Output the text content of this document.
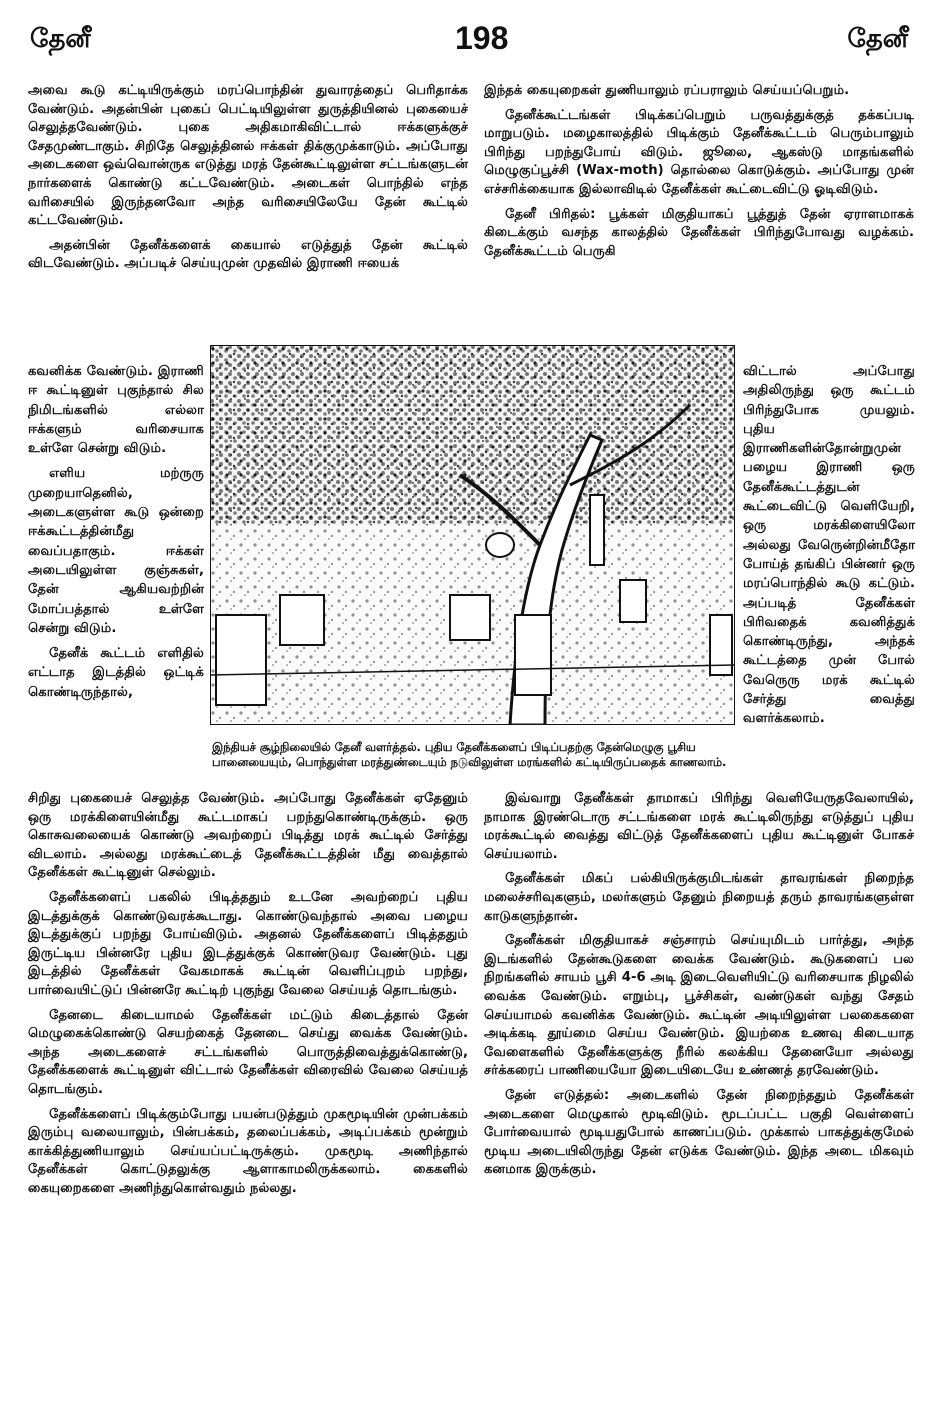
தேனீ	198	தேனீ

அவை கூடு கட்டியிருக்கும் மரப்பொந்தின் துவாரத்தைப் பெரிதாக்க வேண்டும். அதன்பின் புகைப் பெட்டியிலுள்ள துருத்தியினல் புகையைச் செலுத்தவேண்டும். புகை அதிகமாகிவிட்டால் ஈக்களுக்குச் சேதமுண்டாகும். சிறிதே செலுத்தினல் ஈக்கள் திக்குமுக்காடும். அப்போது அடைகளை ஒவ்வொன்ருக எடுத்து மரத் தேன்கூட்டிலுள்ள சட்டங்களுடன் நார்களைக் கொண்டு கட்டவேண்டும். அடைகள் பொந்தில் எந்த வரிசையில் இருந்தனவோ அந்த வரிசையிலேயே தேன் கூட்டில் கட்டவேண்டும்.

அதன்பின் தேனீக்களைக் கையால் எடுத்துத் தேன் கூட்டில் விடவேண்டும். அப்படிச் செய்யுமுன் முதவில் இராணி ஈயைக்

கவனிக்க வேண்டும். இராணி ஈ கூட்டினுள் புகுந்தால் சில நிமிடங்களில் எல்லா ஈக்களும் வரிசையாக உள்ளே சென்று விடும்.

எளிய மற்ருரு முறையாதெனில், அடைகளுள்ள கூடு ஒன்றை ஈக்கூட்டத்தின்மீது வைப்பதாகும். ஈக்கள் அடையிலுள்ள குஞ்சுகள், தேன் ஆகியவற்றின் மோப்பத்தால் உள்ளே சென்று விடும்.

தேனீக் கூட்டம் எளிதில் எட்டாத இடத்தில் ஒட்டிக் கொண்டிருந்தால்,

இந்தியச் சூழ்நிலையில் தேனீ வளர்த்தல். புதிய தேனீக்களைப் பிடிப்பதற்கு தேன்மெழுகு பூசிய பானையையும், பொந்துள்ள மரத்துண்டையும் நடுவிலுள்ள மரங்களில் கட்டியிருப்பதைக் காணலாம்.

சிறிது புகையைச் செலுத்த வேண்டும். அப்போது தேனீக்கள் ஏதேனும் ஒரு மரக்கிளையின்மீது கூட்டமாகப் பறந்துகொண்டிருக்கும். ஒரு கொசுவலையைக் கொண்டு அவற்றைப் பிடித்து மரக் கூட்டில் சேர்த்து விடலாம். அல்லது மரக்கூட்டைத் தேனீக்கூட்டத்தின் மீது வைத்தால் தேனீக்கள் கூட்டினுள் செல்லும்.

தேனீக்களைப் பகலில் பிடித்ததும் உடனே அவற்றைப் புதிய இடத்துக்குக் கொண்டுவரக்கூடாது. கொண்டுவந்தால் அவை பழைய இடத்துக்குப் பறந்து போய்விடும். அதனல் தேனீக்களைப் பிடித்ததும் இருட்டிய பின்னரே புதிய இடத்துக்குக் கொண்டுவர வேண்டும். புது இடத்தில் தேனீக்கள் வேகமாகக் கூட்டின் வெளிப்புறம் பறந்து, பார்வையிட்டுப் பின்னரே கூட்டிற் புகுந்து வேலை செய்யத் தொடங்கும்.

தேனடை கிடையாமல் தேனீக்கள் மட்டும் கிடைத்தால் தேன் மெழுகைக்கொண்டு செயற்கைத் தேனடை செய்து வைக்க வேண்டும். அந்த அடைகளைச் சட்டங்களில் பொருத்திவைத்துக்கொண்டு, தேனீக்களைக் கூட்டினுள் விட்டால் தேனீக்கள் விரைவில் வேலை செய்யத் தொடங்கும்.

தேனீக்களைப் பிடிக்கும்போது பயன்படுத்தும் முகமூடியின் முன்பக்கம் இரும்பு வலையாலும், பின்பக்கம், தலைப்பக்கம், அடிப்பக்கம் மூன்றும் காக்கித்துணியாலும் செய்யப்பட்டிருக்கும். முகமூடி அணிந்தால் தேனீக்கள் கொட்டுதலுக்கு ஆளாகாமலிருக்கலாம். கைகளில் கையுறைகளை அணிந்துகொள்வதும் நல்லது.

இந்தக் கையுறைகள் துணியாலும் ரப்பராலும் செய்யப்பெறும்.

தேனீக்கூட்டங்கள் பிடிக்கப்பெறும் பருவத்துக்குத் தக்கப்படி மாறுபடும். மழைகாலத்தில் பிடிக்கும் தேனீக்கூட்டம் பெரும்பாலும் பிரிந்து பறந்துபோய் விடும். ஜூலை, ஆகஸ்டு மாதங்களில் மெழுகுப்பூச்சி (Wax-moth) தொல்லை கொடுக்கும். அப்போது முன் எச்சரிக்கையாக இல்லாவிடில் தேனீக்கள் கூட்டைவிட்டு ஓடிவிடும்.

தேனீ பிரிதல்: பூக்கள் மிகுதியாகப் பூத்துத் தேன் ஏராளமாகக் கிடைக்கும் வசந்த காலத்தில் தேனீக்கள் பிரிந்துபோவது வழக்கம். தேனீக்கூட்டம் பெருகி

விட்டால் அப்போது அதிலிருந்து ஒரு கூட்டம் பிரிந்துபோக முயலும். புதிய இராணிகளின்தோன்றுமுன் பழைய இராணி ஒரு தேனீக்கூட்டத்துடன் கூட்டைவிட்டு வெளியேறி, ஒரு மரக்கிளையிலோ அல்லது வேருென்றின்மீதோ போய்த் தங்கிப் பின்னர் ஒரு மரப்பொந்தில் கூடு கட்டும். அப்படித் தேனீக்கள் பிரிவதைக் கவனித்துக் கொண்டிருந்து, அந்தக் கூட்டத்தை முன் போல் வேருெரு மரக் கூட்டில் சேர்த்து வைத்து வளர்க்கலாம்.

இவ்வாறு தேனீக்கள் தாமாகப் பிரிந்து வெளியேருதவேலாயில், நாமாக இரண்டொரு சட்டங்களை மரக் கூட்டிலிருந்து எடுத்துப் புதிய மரக்கூட்டில் வைத்து விட்டுத் தேனீக்களைப் புதிய கூட்டினுள் போகச் செய்யலாம்.

தேனீக்கள் மிகப் பல்கியிருக்குமிடங்கள் தாவரங்கள் நிறைந்த மலைச்சரிவுகளும், மலர்களும் தேனும் நிறையத் தரும் தாவரங்களுள்ள காடுகளுந்தான்.

தேனீக்கள் மிகுதியாகச் சஞ்சாரம் செய்யுமிடம் பார்த்து, அந்த இடங்களில் தேன்கூடுகளை வைக்க வேண்டும். கூடுகளைப் பல நிறங்களில் சாயம் பூசி 4-6 அடி இடைவெளியிட்டு வரிசையாக நிழலில் வைக்க வேண்டும். எறும்பு, பூச்சிகள், வண்டுகள் வந்து சேதம் செய்யாமல் கவனிக்க வேண்டும். கூட்டின் அடியிலுள்ள பலகைகளை அடிக்கடி தூய்மை செய்ய வேண்டும். இயற்கை உணவு கிடையாத வேளைகளில் தேனீக்களுக்கு நீரில் கலக்கிய தேனையோ அல்லது சர்க்கரைப் பாணியையோ இடையிடையே உண்ணத் தரவேண்டும்.

தேன் எடுத்தல்: அடைகளில் தேன் நிறைந்ததும் தேனீக்கள் அடைகளை மெழுகால் மூடிவிடும். மூடப்பட்ட பகுதி வெள்ளைப் போர்வையால் மூடியதுபோல் காணப்படும். முக்கால் பாகத்துக்குமேல் மூடிய அடையிலிருந்து தேன் எடுக்க வேண்டும். இந்த அடை மிகவும் கனமாக இருக்கும்.
